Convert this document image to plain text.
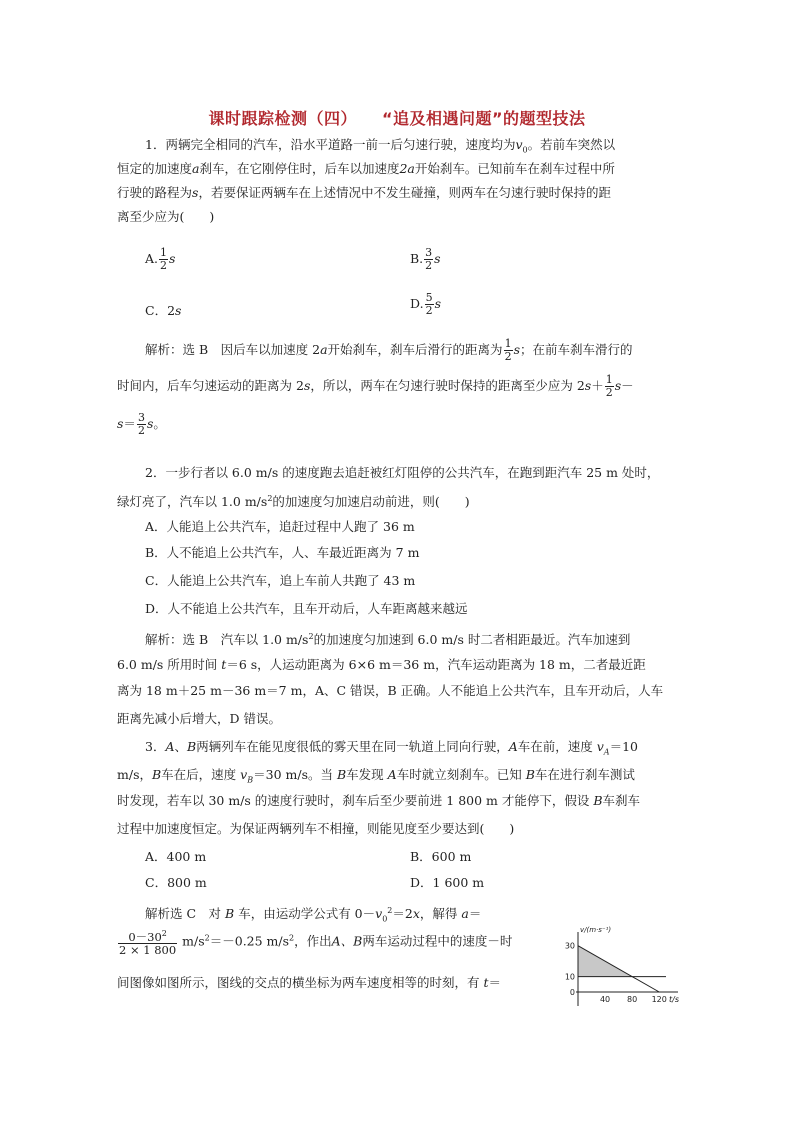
课时跟踪检测（四）　　“追及相遇问题”的题型技法
1．两辆完全相同的汽车，沿水平道路一前一后匀速行驶，速度均为$v_0$。若前车突然以
恒定的加速度a刹车，在它刚停住时，后车以加速度2a开始刹车。已知前车在刹车过程中所
行驶的路程为s，若要保证两辆车在上述情况中不发生碰撞，则两车在匀速行驶时保持的距
离至少应为(　　)
A. $\frac{1}{2}$ s	B. $\frac{3}{2}$ s
C．2s	D. $\frac{5}{2}$ s
解析：选 B　因后车以加速度 2a开始刹车，刹车后滑行的距离为 $\frac{1}{2}$ s；在前车刹车滑行的
时间内，后车匀速运动的距离为 2s，所以，两车在匀速行驶时保持的距离至少应为 $2s+ \frac{1}{2} s-$
$s= \frac{3}{2}$ s。
2．一步行者以 6.0 m/s 的速度跑去追赶被红灯阻停的公共汽车，在跑到距汽车 25 m 处时，
绿灯亮了，汽车以 1.0 $m/s^2$的加速度匀加速启动前进，则(　　)
A．人能追上公共汽车，追赶过程中人跑了 36 m
B．人不能追上公共汽车，人、车最近距离为 7 m
C．人能追上公共汽车，追上车前人共跑了 43 m
D．人不能追上公共汽车，且车开动后，人车距离越来越远
解析：选 B　汽车以 1.0 $m/s^2$的加速度匀加速到 6.0 m/s 时二者相距最近。汽车加速到
6.0 m/s 所用时间 t＝6 s，人运动距离为 6×6 m＝36 m，汽车运动距离为 18 m，二者最近距
离为 18 m＋25 m－36 m＝7 m，A、C 错误，B 正确。人不能追上公共汽车，且车开动后，人车
距离先减小后增大，D 错误。
3．A、B两辆列车在能见度很低的雾天里在同一轨道上同向行驶，A车在前，速度 $v_A=10$
m/s，B车在后，速度 $v_B=30$ m/s。当 B车发现 A车时就立刻刹车。已知 B车在进行刹车测试
时发现，若车以 30 m/s 的速度行驶时，刹车后至少要前进 1 800 m 才能停下，假设 B车刹车
过程中加速度恒定。为保证两辆列车不相撞，则能见度至少要达到(　　)
A．400 m	B．600 m
C．800 m	D．1 600 m
解析选 C　对 B 车，由运动学公式有 $0-v_0^2=2x$，解得 a＝
$\frac{0-30^2}{2 \times 1 800} m/s^2=-0.25$ $m/s^2$，作出A、B两车运动过程中的速度－时
间图像如图所示，图线的交点的横坐标为两车速度相等的时刻，有 t＝
30
10
0
40 80 120
v/(m·s⁻¹)
t/s
